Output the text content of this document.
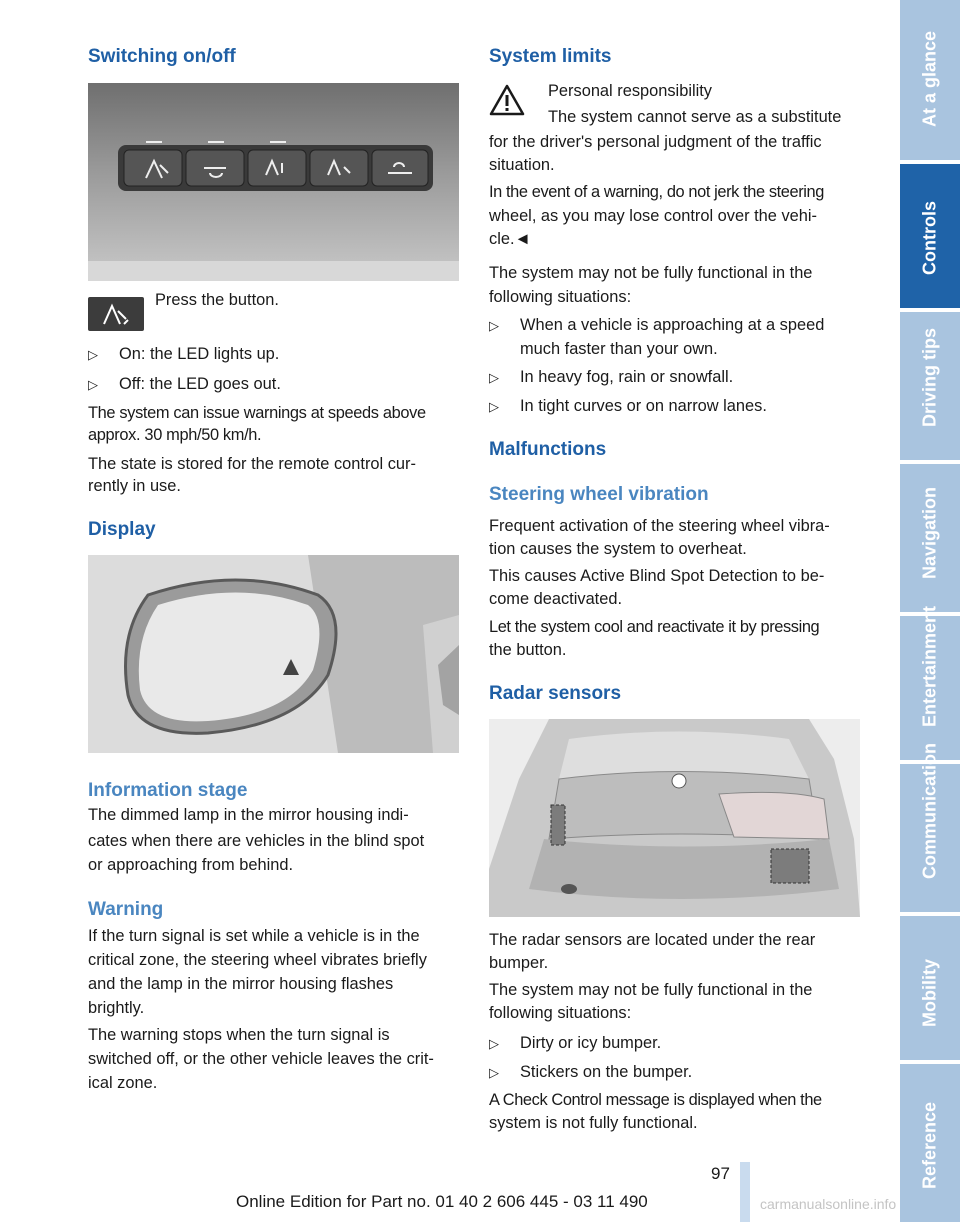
Switching on/off
Press the button.
▷ On: the LED lights up.
▷ Off: the LED goes out.

The system can issue warnings at speeds above approx. 30 mph/50 km/h.

The state is stored for the remote control cur‐
rently in use.
Display
Information stage
The dimmed lamp in the mirror housing indi‐
cates when there are vehicles in the blind spot
or approaching from behind.
Warning
If the turn signal is set while a vehicle is in the
critical zone, the steering wheel vibrates briefly
and the lamp in the mirror housing flashes
brightly.
The warning stops when the turn signal is
switched off, or the other vehicle leaves the crit‐
ical zone.
System limits
Personal responsibility
The system cannot serve as a substitute
for the driver's personal judgment of the traffic
situation.
In the event of a warning, do not jerk the steering
wheel, as you may lose control over the vehi‐
cle.◄
The system may not be fully functional in the
following situations:
▷ When a vehicle is approaching at a speed
much faster than your own.
▷ In heavy fog, rain or snowfall.
▷ In tight curves or on narrow lanes.
Malfunctions
Steering wheel vibration
Frequent activation of the steering wheel vibra‐
tion causes the system to overheat.
This causes Active Blind Spot Detection to be‐
come deactivated.
Let the system cool and reactivate it by pressing
the button.
Radar sensors
The radar sensors are located under the rear
bumper.
The system may not be fully functional in the
following situations:
▷ Dirty or icy bumper.
▷ Stickers on the bumper.
A Check Control message is displayed when the
system is not fully functional.
97
Online Edition for Part no. 01 40 2 606 445 - 03 11 490	carmanualsonline.info
At a glance
Controls
Driving tips
Navigation
Entertainment
Communication
Mobility
Reference
